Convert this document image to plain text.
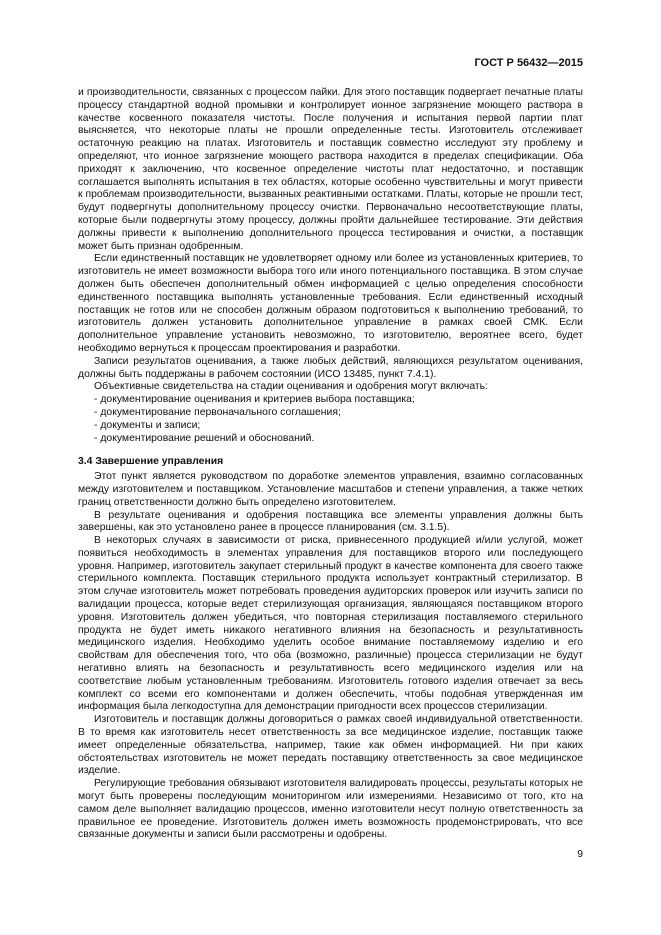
ГОСТ Р 56432—2015

и производительности, связанных с процессом пайки. Для этого поставщик подвергает печатные платы процессу стандартной водной промывки и контролирует ионное загрязнение моющего раствора в качестве косвенного показателя чистоты. После получения и испытания первой партии плат выясняется, что некоторые платы не прошли определенные тесты. Изготовитель отслеживает остаточную реакцию на платах. Изготовитель и поставщик совместно исследуют эту проблему и определяют, что ионное загрязнение моющего раствора находится в пределах спецификации. Оба приходят к заключению, что косвенное определение чистоты плат недостаточно, и поставщик соглашается выполнять испытания в тех областях, которые особенно чувствительны и могут привести к проблемам производительности, вызванных реактивными остатками. Платы, которые не прошли тест, будут подвергнуты дополнительному процессу очистки. Первоначально несоответствующие платы, которые были подвергнуты этому процессу, должны пройти дальнейшее тестирование. Эти действия должны привести к выполнению дополнительного процесса тестирования и очистки, а поставщик может быть признан одобренным.

Если единственный поставщик не удовлетворяет одному или более из установленных критериев, то изготовитель не имеет возможности выбора того или иного потенциального поставщика. В этом случае должен быть обеспечен дополнительный обмен информацией с целью определения способности единственного поставщика выполнять установленные требования. Если единственный исходный поставщик не готов или не способен должным образом подготовиться к выполнению требований, то изготовитель должен установить дополнительное управление в рамках своей СМК. Если дополнительное управление установить невозможно, то изготовителю, вероятнее всего, будет необходимо вернуться к процессам проектирования и разработки.

Записи результатов оценивания, а также любых действий, являющихся результатом оценивания, должны быть поддержаны в рабочем состоянии (ИСО 13485, пункт 7.4.1).

Объективные свидетельства на стадии оценивания и одобрения могут включать:

- документирование оценивания и критериев выбора поставщика;

- документирование первоначального соглашения;

- документы и записи;

- документирование решений и обоснований.

3.4 Завершение управления

Этот пункт является руководством по доработке элементов управления, взаимно согласованных между изготовителем и поставщиком. Установление масштабов и степени управления, а также четких границ ответственности должно быть определено изготовителем.

В результате оценивания и одобрения поставщика все элементы управления должны быть завершены, как это установлено ранее в процессе планирования (см. 3.1.5).

В некоторых случаях в зависимости от риска, привнесенного продукцией и/или услугой, может появиться необходимость в элементах управления для поставщиков второго или последующего уровня. Например, изготовитель закупает стерильный продукт в качестве компонента для своего также стерильного комплекта. Поставщик стерильного продукта использует контрактный стерилизатор. В этом случае изготовитель может потребовать проведения аудиторских проверок или изучить записи по валидации процесса, которые ведет стерилизующая организация, являющаяся поставщиком второго уровня. Изготовитель должен убедиться, что повторная стерилизация поставляемого стерильного продукта не будет иметь никакого негативного влияния на безопасность и результативность медицинского изделия. Необходимо уделить особое внимание поставляемому изделию и его свойствам для обеспечения того, что оба (возможно, различные) процесса стерилизации не будут негативно влиять на безопасность и результативность всего медицинского изделия или на соответствие любым установленным требованиям. Изготовитель готового изделия отвечает за весь комплект со всеми его компонентами и должен обеспечить, чтобы подобная утвержденная им информация была легкодоступна для демонстрации пригодности всех процессов стерилизации.

Изготовитель и поставщик должны договориться о рамках своей индивидуальной ответственности. В то время как изготовитель несет ответственность за все медицинское изделие, поставщик также имеет определенные обязательства, например, такие как обмен информацией. Ни при каких обстоятельствах изготовитель не может передать поставщику ответственность за свое медицинское изделие.

Регулирующие требования обязывают изготовителя валидировать процессы, результаты которых не могут быть проверены последующим мониторингом или измерениями. Независимо от того, кто на самом деле выполняет валидацию процессов, именно изготовители несут полную ответственность за правильное ее проведение. Изготовитель должен иметь возможность продемонстрировать, что все связанные документы и записи были рассмотрены и одобрены.

9
